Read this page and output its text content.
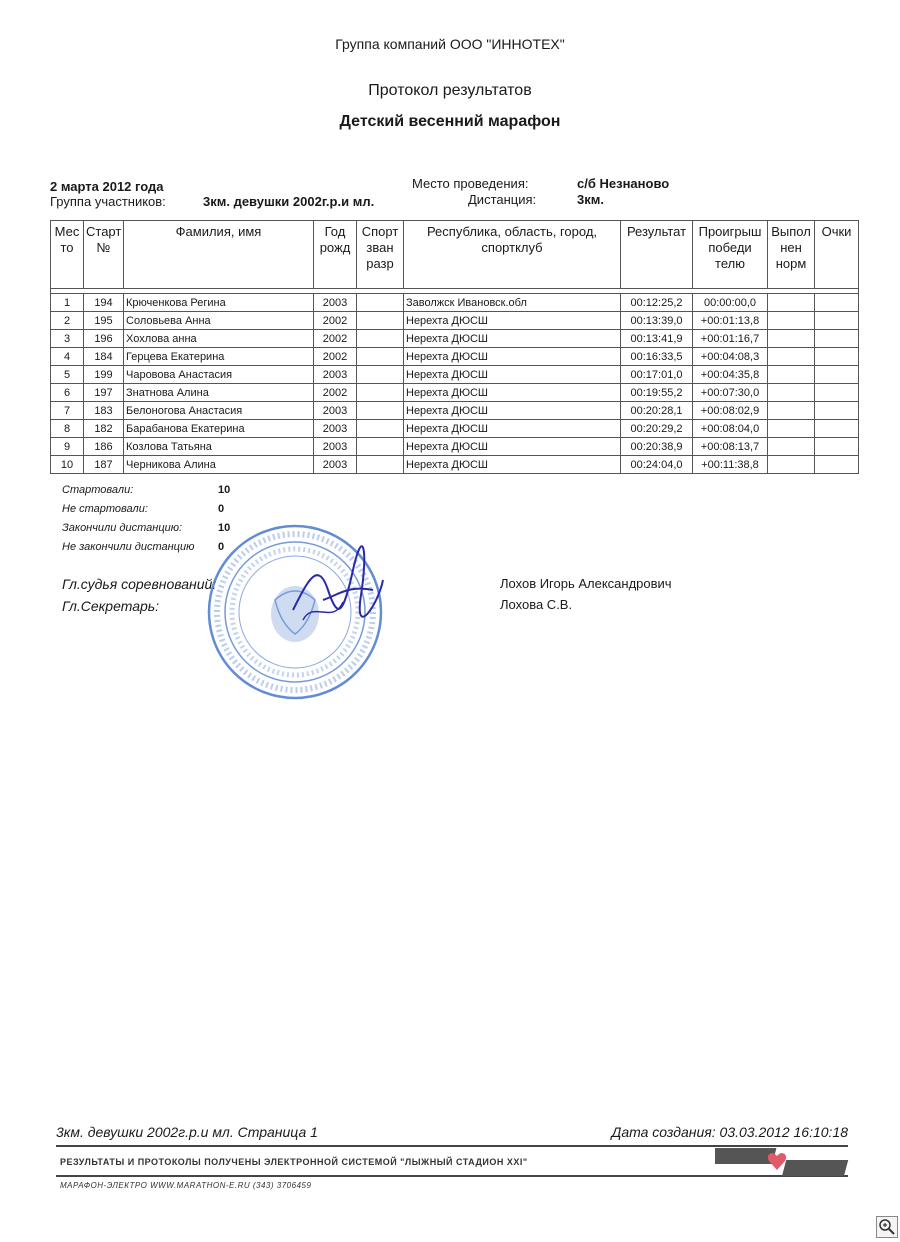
Группа компаний ООО "ИННОТЕХ"
Протокол результатов
Детский весенний марафон
2 марта 2012 года
Группа участников:	3км. девушки 2002г.р.и мл.
Место проведения:	с/б Незнаново
Дистанция:	3км.
Мес то	Старт №	Фамилия, имя	Год рожд	Спорт зван разр	Республика, область, город, спортклуб	Результат	Проигрыш победи телю	Выпол нен норм	Очки

1	194	Крюченкова Регина	2003		Заволжск Ивановск.обл	00:12:25,2	00:00:00,0		
2	195	Соловьева Анна	2002		Нерехта ДЮСШ	00:13:39,0	+00:01:13,8		
3	196	Хохлова анна	2002		Нерехта ДЮСШ	00:13:41,9	+00:01:16,7		
4	184	Герцева Екатерина	2002		Нерехта ДЮСШ	00:16:33,5	+00:04:08,3		
5	199	Чаровова Анастасия	2003		Нерехта ДЮСШ	00:17:01,0	+00:04:35,8		
6	197	Знатнова Алина	2002		Нерехта ДЮСШ	00:19:55,2	+00:07:30,0		
7	183	Белоногова Анастасия	2003		Нерехта ДЮСШ	00:20:28,1	+00:08:02,9		
8	182	Барабанова Екатерина	2003		Нерехта ДЮСШ	00:20:29,2	+00:08:04,0		
9	186	Козлова Татьяна	2003		Нерехта ДЮСШ	00:20:38,9	+00:08:13,7		
10	187	Черникова Алина	2003		Нерехта ДЮСШ	00:24:04,0	+00:11:38,8		
Стартовали:	10
Не стартовали:	0
Закончили дистанцию:	10
Не закончили дистанцию 0
Гл.судья соревнований:	Лохов Игорь Александрович
Гл.Секретарь:	Лохова С.В.
3км. девушки 2002г.р.и мл. Страница 1	Дата создания: 03.03.2012 16:10:18
РЕЗУЛЬТАТЫ И ПРОТОКОЛЫ ПОЛУЧЕНЫ ЭЛЕКТРОННОЙ СИСТЕМОЙ "ЛЫЖНЫЙ СТАДИОН XXI"
МАРАФОН-ЭЛЕКТРО WWW.MARATHON-E.RU (343) 3706459
